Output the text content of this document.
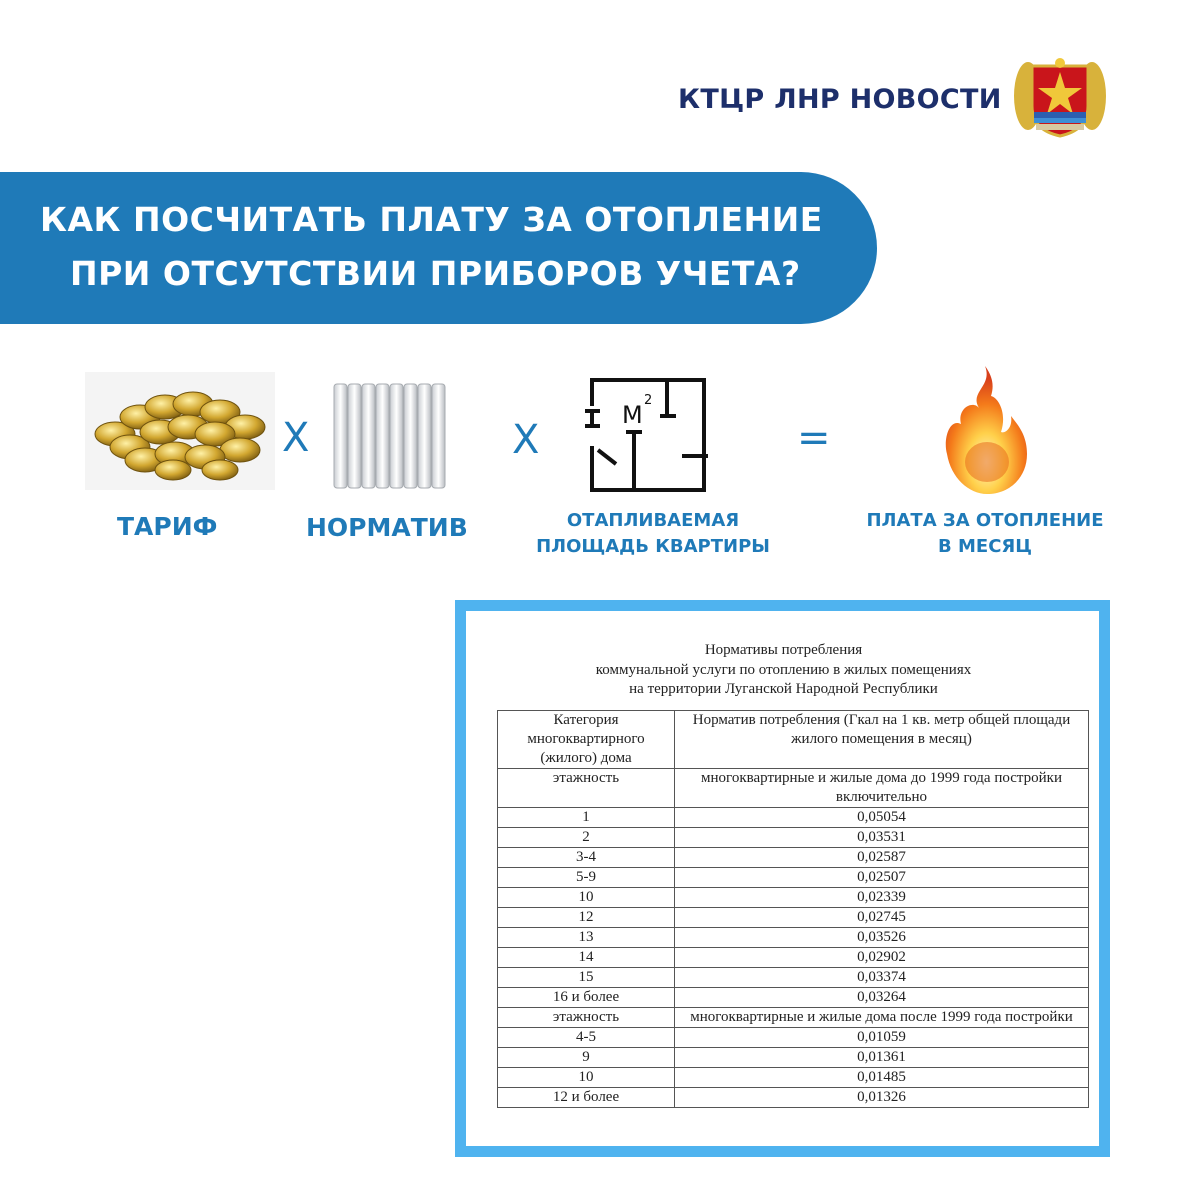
КТЦР ЛНР НОВОСТИ
КАК ПОСЧИТАТЬ ПЛАТУ ЗА ОТОПЛЕНИЕ
ПРИ ОТСУТСТВИИ ПРИБОРОВ УЧЕТА?
Х	Х	=
М
2
ТАРИФ	НОРМАТИВ	ОТАПЛИВАЕМАЯ
ПЛОЩАДЬ КВАРТИРЫ
ПЛАТА ЗА ОТОПЛЕНИЕ
В МЕСЯЦ
Нормативы потребления
коммунальной услуги по отоплению в жилых помещениях
на территории Луганской Народной Республики
Категория многоквартирного (жилого) дома	Норматив потребления (Гкал на 1 кв. метр общей площади жилого помещения в месяц)
этажность	многоквартирные и жилые дома до 1999 года постройки включительно
1	0,05054
2	0,03531
3-4	0,02587
5-9	0,02507
10	0,02339
12	0,02745
13	0,03526
14	0,02902
15	0,03374
16 и более	0,03264
этажность	многоквартирные и жилые дома после 1999 года постройки
4-5	0,01059
9	0,01361
10	0,01485
12 и более	0,01326
